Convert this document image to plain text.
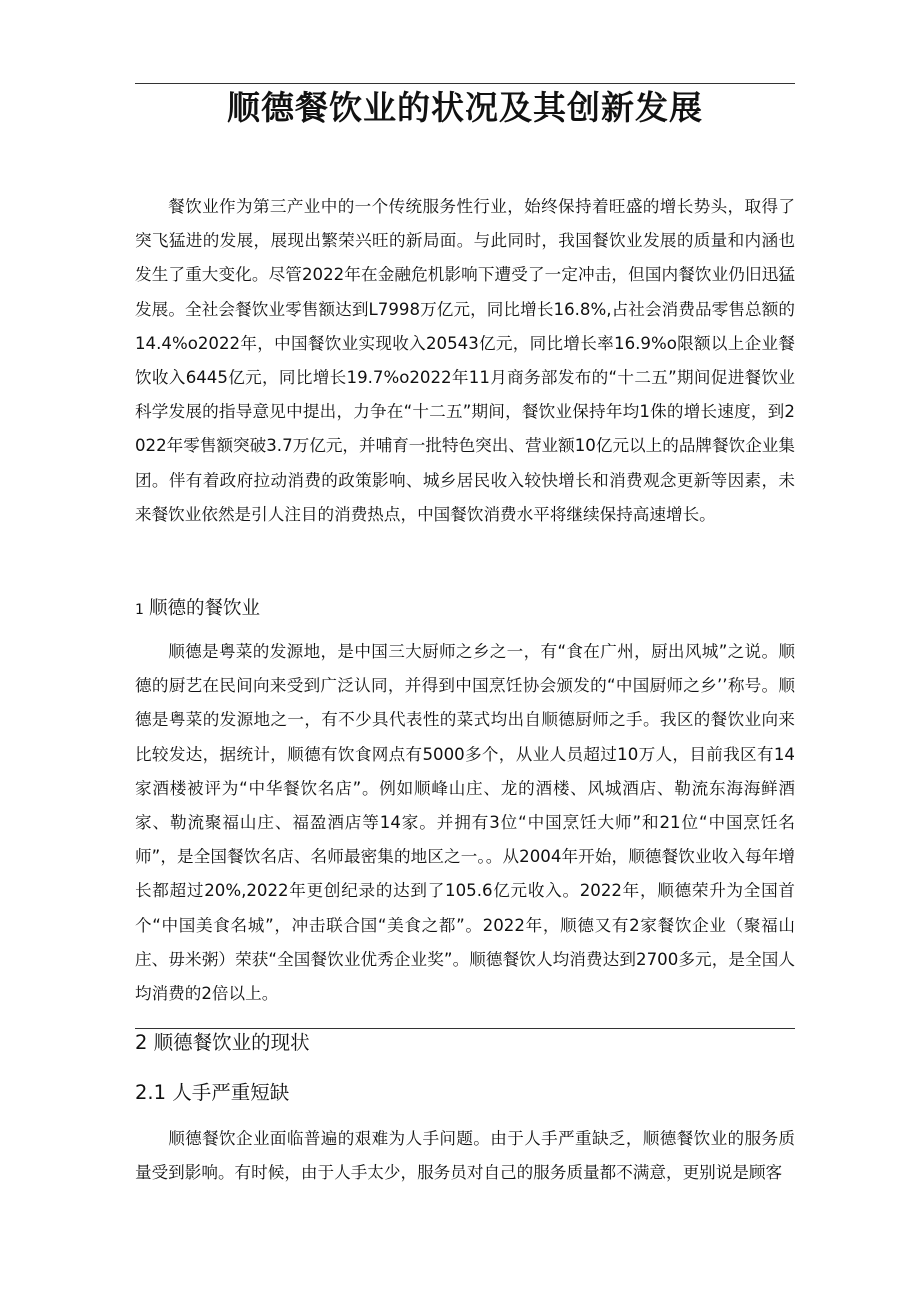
顺德餐饮业的状况及其创新发展

餐饮业作为第三产业中的一个传统服务性行业，始终保持着旺盛的增长势头，取得了突飞猛进的发展，展现出繁荣兴旺的新局面。与此同时，我国餐饮业发展的质量和内涵也发生了重大变化。尽管2022年在金融危机影响下遭受了一定冲击，但国内餐饮业仍旧迅猛发展。全社会餐饮业零售额达到L7998万亿元，同比增长16.8%,占社会消费品零售总额的14.4%o2022年，中国餐饮业实现收入20543亿元，同比增长率16.9%o限额以上企业餐饮收入6445亿元，同比增长19.7%o2022年11月商务部发布的“十二五”期间促进餐饮业科学发展的指导意见中提出，力争在“十二五”期间，餐饮业保持年均1侏的增长速度，到2022年零售额突破3.7万亿元，并哺育一批特色突出、营业额10亿元以上的品牌餐饮企业集团。伴有着政府拉动消费的政策影响、城乡居民收入较快增长和消费观念更新等因素，未来餐饮业依然是引人注目的消费热点，中国餐饮消费水平将继续保持高速增长。

1 顺德的餐饮业

顺德是粤菜的发源地，是中国三大厨师之乡之一，有“食在广州，厨出风城”之说。顺德的厨艺在民间向来受到广泛认同，并得到中国烹饪协会颁发的“中国厨师之乡’’称号。顺德是粤菜的发源地之一，有不少具代表性的菜式均出自顺德厨师之手。我区的餐饮业向来比较发达，据统计，顺德有饮食网点有5000多个，从业人员超过10万人，目前我区有14家酒楼被评为“中华餐饮名店”。例如顺峰山庄、龙的酒楼、风城酒店、勒流东海海鲜酒家、勒流聚福山庄、福盈酒店等14家。并拥有3位“中国烹饪大师”和21位“中国烹饪名师”，是全国餐饮名店、名师最密集的地区之一。。从2004年开始，顺德餐饮业收入每年增长都超过20%,2022年更创纪录的达到了105.6亿元收入。2022年，顺德荣升为全国首个“中国美食名城”，冲击联合国“美食之都”。2022年，顺德又有2家餐饮企业（聚福山庄、毋米粥）荣获“全国餐饮业优秀企业奖”。顺德餐饮人均消费达到2700多元，是全国人均消费的2倍以上。

2 顺德餐饮业的现状
2.1 人手严重短缺

顺德餐饮企业面临普遍的艰难为人手问题。由于人手严重缺乏，顺德餐饮业的服务质量受到影响。有时候，由于人手太少，服务员对自己的服务质量都不满意，更别说是顾客
